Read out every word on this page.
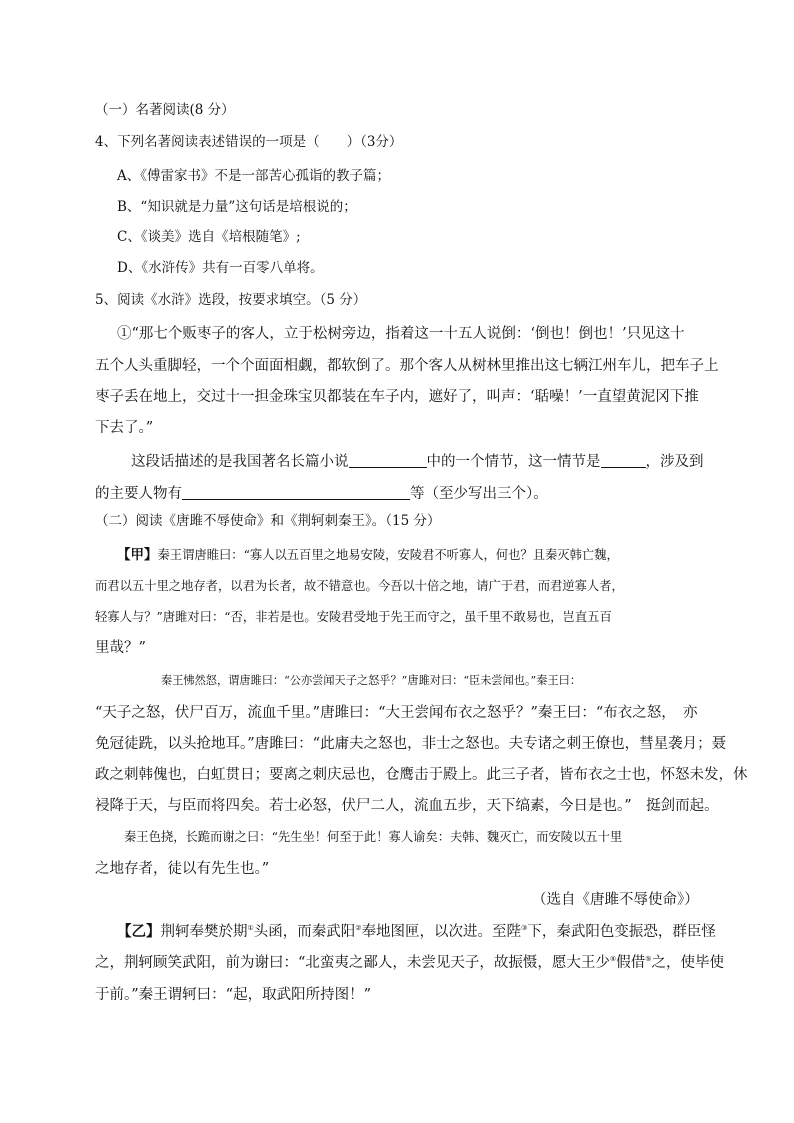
（一）名著阅读(8 分）
4、下列名著阅读表述错误的一项是（　　）（3分）
A、《傅雷家书》不是一部苦心孤诣的教子篇；
B、“知识就是力量”这句话是培根说的；
C、《谈美》选自《培根随笔》;
D、《水浒传》共有一百零八单将。
5、阅读《水浒》选段，按要求填空。（5 分）
①“那七个贩枣子的客人，立于松树旁边，指着这一十五人说倒：‘倒也！倒也！’只见这十
五个人头重脚轻，一个个面面相觑，都软倒了。那个客人从树林里推出这七辆江州车儿，把车子上
枣子丢在地上，交过十一担金珠宝贝都装在车子内，遮好了，叫声：‘聒噪！’一直望黄泥冈下推
下去了。”
这段话描述的是我国著名长篇小说	中的一个情节，这一情节是	，涉及到
的主要人物有	等（至少写出三个）。
（二）阅读《唐雎不辱使命》和《荆轲刺秦王》。（15 分）
【甲】秦王谓唐睢曰：“寡人以五百里之地易安陵，安陵君不听寡人，何也？且秦灭韩亡魏，
而君以五十里之地存者，以君为长者，故不错意也。今吾以十倍之地，请广于君，而君逆寡人者，
轻寡人与？”唐雎对曰：“否，非若是也。安陵君受地于先王而守之，虽千里不敢易也，岂直五百
里哉？”
秦王怫然怒，谓唐雎曰：“公亦尝闻天子之怒乎？”唐雎对曰：“臣未尝闻也。”秦王曰：
“天子之怒，伏尸百万，流血千里。”唐雎曰：“大王尝闻布衣之怒乎？”秦王曰：“布衣之怒，　亦
免冠徒跣，以头抢地耳。”唐雎曰：“此庸夫之怒也，非士之怒也。夫专诸之刺王僚也，彗星袭月；聂
政之刺韩傀也，白虹贯日；要离之刺庆忌也，仓鹰击于殿上。此三子者，皆布衣之士也，怀怒未发，休
祲降于天，与臣而将四矣。若士必怒，伏尸二人，流血五步，天下缟素，今日是也。”　挺剑而起。
秦王色挠，长跪而谢之曰：“先生坐！何至于此！寡人谕矣：夫韩、魏灭亡，而安陵以五十里
之地存者，徒以有先生也。”
（选自《唐雎不辱使命》）
【乙】荆轲奉樊於期①头函，而秦武阳②奉地图匣，以次进。至陛③下，秦武阳色变振恐，群臣怪
之，荆轲顾笑武阳，前为谢曰：“北蛮夷之鄙人，未尝见天子，故振慑，愿大王少④假借⑤之，使毕使
于前。”秦王谓轲曰：“起，取武阳所持图！”
